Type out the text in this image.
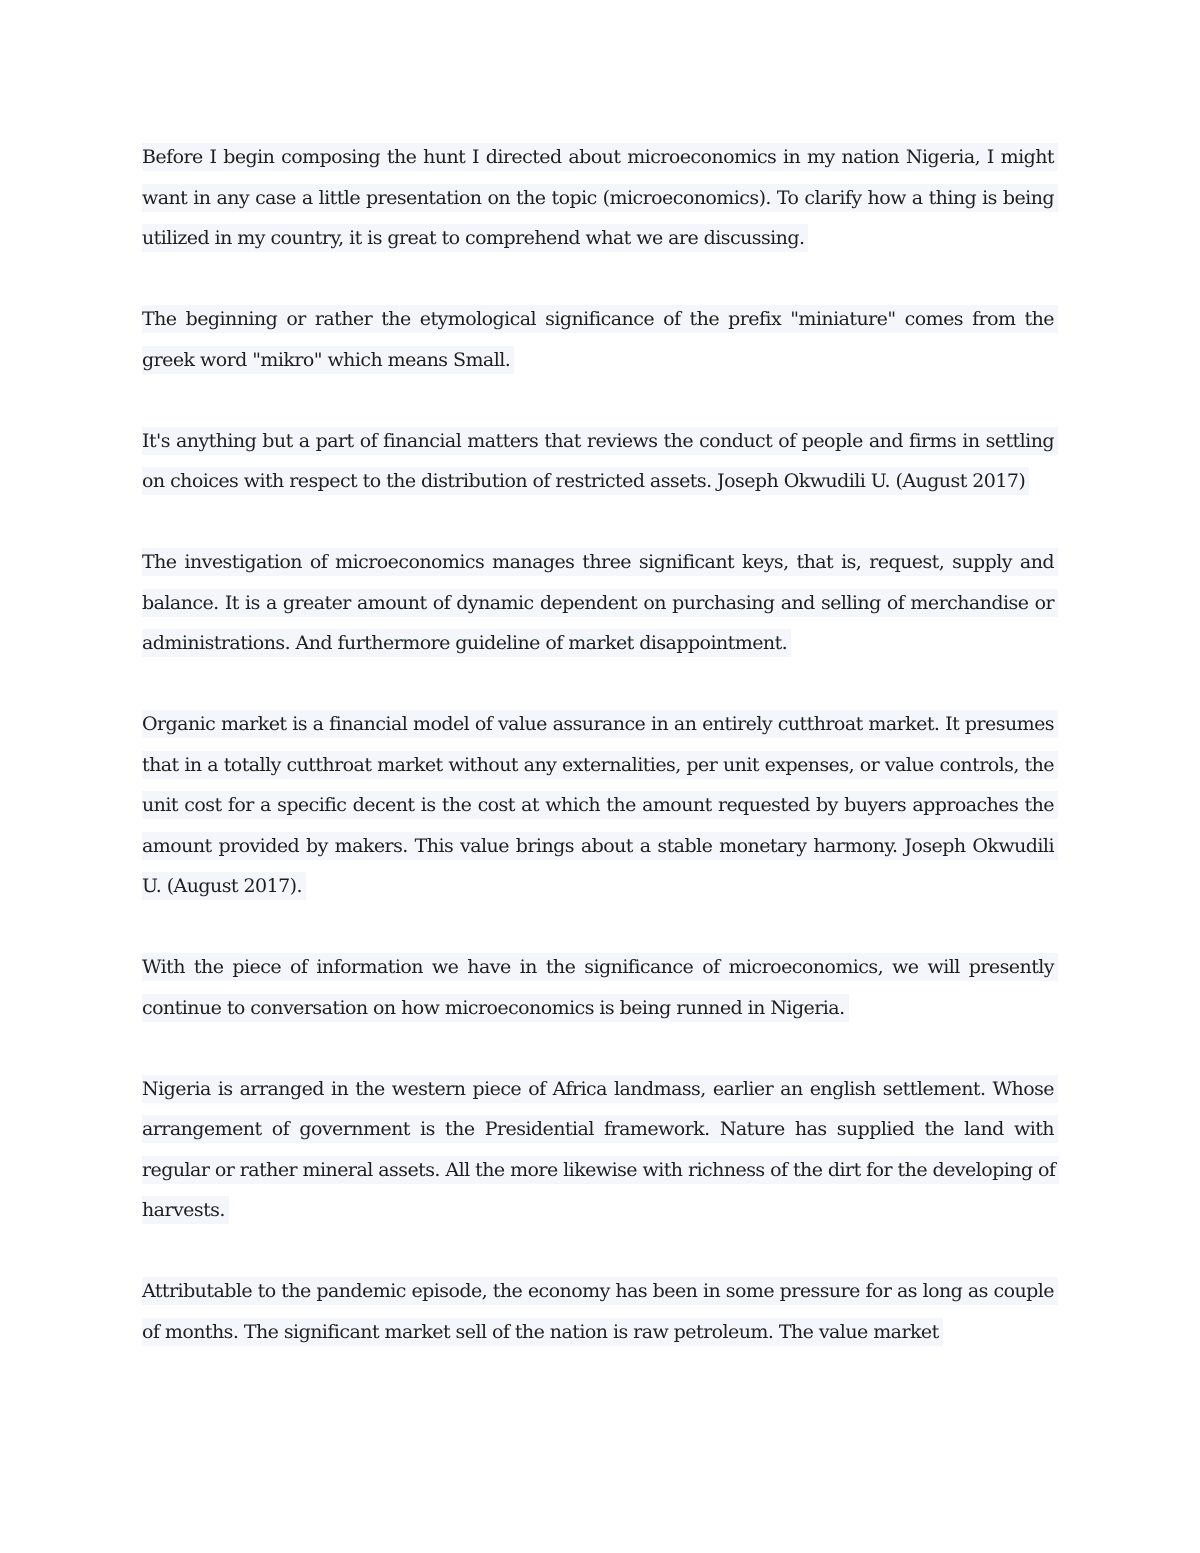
Before I begin composing the hunt I directed about microeconomics in my nation Nigeria, I might want in any case a little presentation on the topic (microeconomics). To clarify how a thing is being utilized in my country, it is great to comprehend what we are discussing.

The beginning or rather the etymological significance of the prefix "miniature" comes from the greek word "mikro" which means Small.

It's anything but a part of financial matters that reviews the conduct of people and firms in settling on choices with respect to the distribution of restricted assets. Joseph Okwudili U. (August 2017)

The investigation of microeconomics manages three significant keys, that is, request, supply and balance. It is a greater amount of dynamic dependent on purchasing and selling of merchandise or administrations. And furthermore guideline of market disappointment.

Organic market is a financial model of value assurance in an entirely cutthroat market. It presumes that in a totally cutthroat market without any externalities, per unit expenses, or value controls, the unit cost for a specific decent is the cost at which the amount requested by buyers approaches the amount provided by makers. This value brings about a stable monetary harmony. Joseph Okwudili U. (August 2017).

With the piece of information we have in the significance of microeconomics, we will presently continue to conversation on how microeconomics is being runned in Nigeria.

Nigeria is arranged in the western piece of Africa landmass, earlier an english settlement. Whose arrangement of government is the Presidential framework. Nature has supplied the land with regular or rather mineral assets. All the more likewise with richness of the dirt for the developing of harvests.

Attributable to the pandemic episode, the economy has been in some pressure for as long as couple of months. The significant market sell of the nation is raw petroleum. The value market
